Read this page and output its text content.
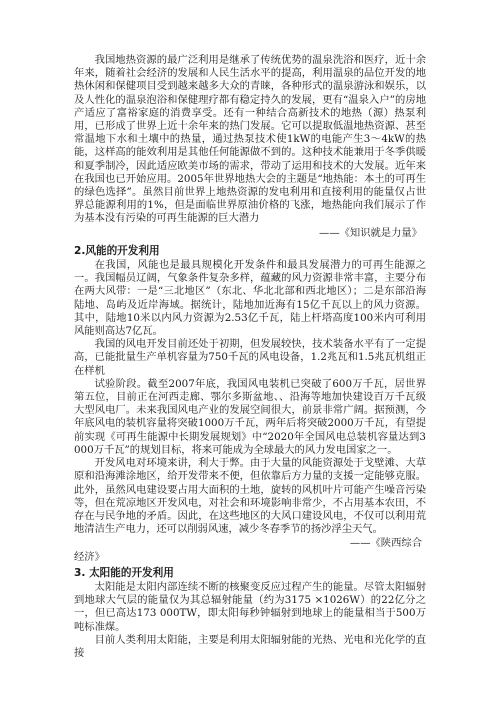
我国地热资源的最广泛利用是继承了传统优势的温泉洗浴和医疗，近十余年来，随着社会经济的发展和人民生活水平的提高，利用温泉的品位开发的地热休闲和保健项目受到越来越多大众的青睐，各种形式的温泉游泳和娱乐，以及人性化的温泉泡浴和保健理疗都有稳定持久的发展，更有“温泉入户”的房地产适应了富裕家庭的消费享受。还有一种结合高新技术的地热（源）热泵利用，已形成了世界上近十余年来的热门发展。它可以提取低温地热资源、甚至常温地下水和土壤中的热量，通过热泵技术使1kW的电能产生3～4kW的热能，这样高的能效利用是其他任何能源做不到的。这种技术能兼用于冬季供暖和夏季制冷，因此适应欧美市场的需求，带动了运用和技术的大发展。近年来在我国也已开始应用。2005年世界地热大会的主题是“地热能：本土的可再生的绿色选择”。虽然目前世界上地热资源的发电利用和直接利用的能量仅占世界总能源利用的1%，但是面临世界原油价格的飞涨，地热能向我们展示了作为基本没有污染的可再生能源的巨大潜力

——《知识就是力量》

2.风能的开发利用

在我国，风能也是最具规模化开发条件和最具发展潜力的可再生能源之一。我国幅员辽阔，气象条件复杂多样，蕴藏的风力资源非常丰富，主要分布在两大风带：一是“三北地区”（东北、华北北部和西北地区）；二是东部沿海陆地、岛屿及近岸海域。据统计，陆地加近海有15亿千瓦以上的风力资源。其中，陆地10米以内风力资源为2.53亿千瓦，陆上杆塔高度100米内可利用风能则高达7亿瓦。

我国的风电开发目前还处于初期，但发展较快，技术装备水平有了一定提高，已能批量生产单机容量为750千瓦的风电设备，1.2兆瓦和1.5兆瓦机组正在样机

试验阶段。截至2007年底，我国风电装机已突破了600万千瓦，居世界第五位，目前正在河西走廊、鄂尔多斯盆地、、沿海等地加快建设百万千瓦级大型风电厂。未来我国风电产业的发展空间很大，前景非常广阔。据预测，今年底风电的装机容量将突破1000万千瓦，两年后将突破2000万千瓦，有望提前实现《可再生能源中长期发展规划》中“2020年全国风电总装机容量达到3000万千瓦”的规划目标，将来可能成为全球最大的风力发电国家之一。

开发风电对环境来讲，利大于弊。由于大量的风能资源处于戈壁滩、大草原和沿海滩涂地区，给开发带来不便，但依靠后方力量的支援一定能够克服。此外，虽然风电建设要占用大面积的土地，旋转的风机叶片可能产生噪音污染等，但在荒凉地区开发风电，对社会和环境影响非常少，不占用基本农田，不存在与民争地的矛盾。因此，在这些地区的大风口建设风电，不仅可以利用荒地清洁生产电力，还可以削弱风速，减少冬春季节的扬沙浮尘天气。

——《陕西综合

经济》

3. 太阳能的开发利用

太阳能是太阳内部连续不断的核聚变反应过程产生的能量。尽管太阳辐射到地球大气层的能量仅为其总辐射能量（约为3175 ×1026W）的22亿分之一，但已高达173 000TW，即太阳每秒钟辐射到地球上的能量相当于500万吨标准煤。

目前人类利用太阳能，主要是利用太阳辐射能的光热、光电和光化学的直接
